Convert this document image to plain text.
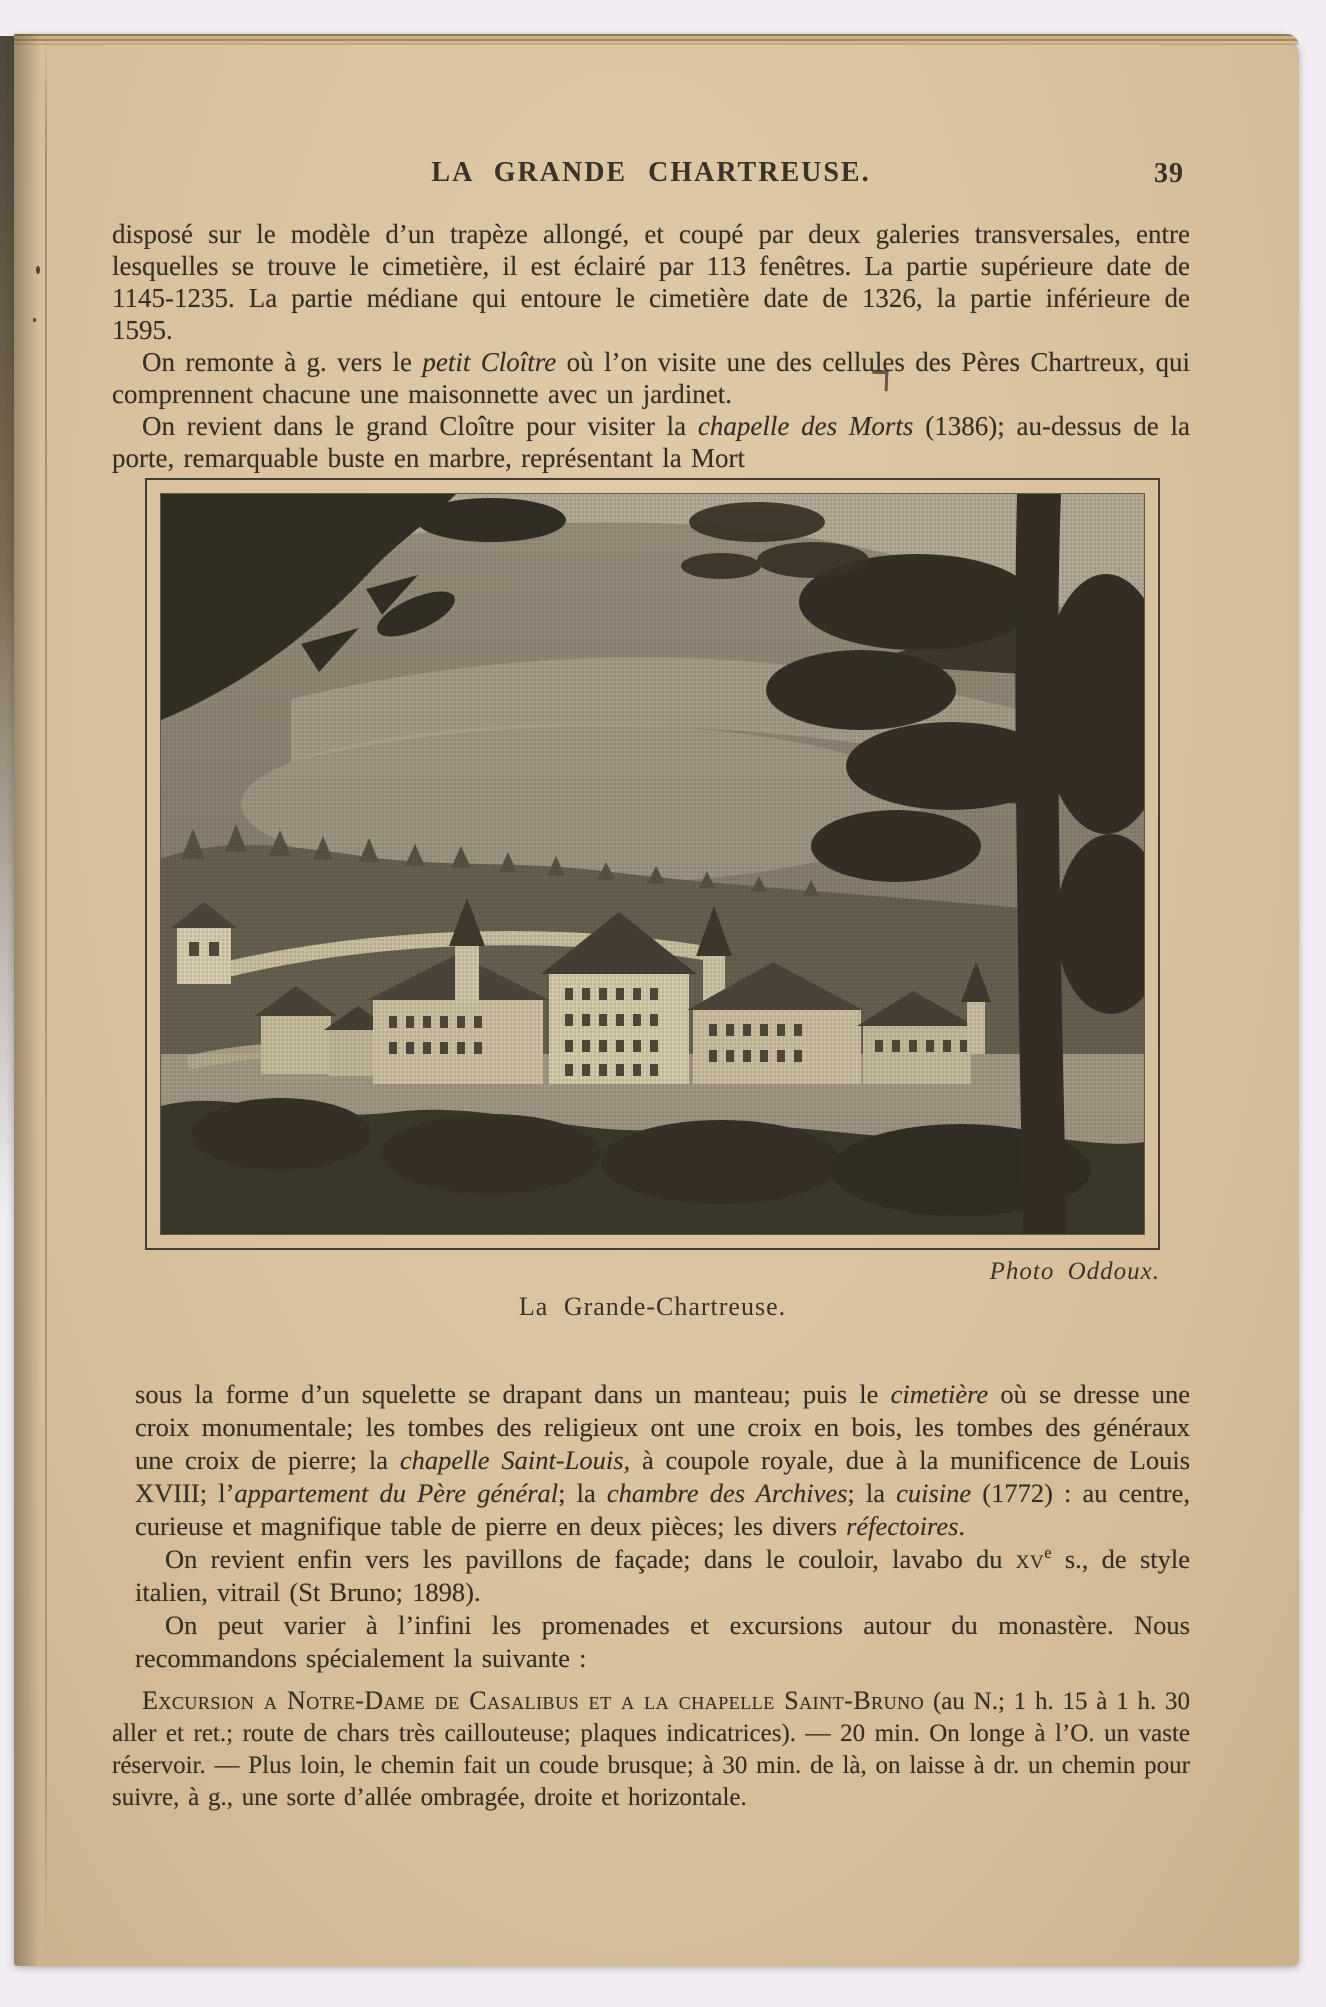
LA GRANDE CHARTREUSE.	39

disposé sur le modèle d’un trapèze allongé, et coupé par deux galeries transversales, entre lesquelles se trouve le cimetière, il est éclairé par 113 fenêtres. La partie supérieure date de 1145-1235. La partie médiane qui entoure le cimetière date de 1326, la partie inférieure de 1595.

On remonte à g. vers le petit Cloître où l’on visite une des cellules des Pères Chartreux, qui comprennent chacune une maisonnette avec un jardinet.

On revient dans le grand Cloître pour visiter la chapelle des Morts (1386); au-dessus de la porte, remarquable buste en marbre, représentant la Mort

Photo Oddoux.
La Grande-Chartreuse.

sous la forme d’un squelette se drapant dans un manteau; puis le cimetière où se dresse une croix monumentale; les tombes des religieux ont une croix en bois, les tombes des généraux une croix de pierre; la chapelle Saint-Louis, à coupole royale, due à la munificence de Louis XVIII; l’appartement du Père général; la chambre des Archives; la cuisine (1772) : au centre, curieuse et magnifique table de pierre en deux pièces; les divers réfectoires.

On revient enfin vers les pavillons de façade; dans le couloir, lavabo du $xv^e$ s., de style italien, vitrail (St Bruno; 1898).

On peut varier à l’infini les promenades et excursions autour du monastère. Nous recommandons spécialement la suivante :

Excursion a Notre-Dame de Casalibus et a la chapelle Saint-Bruno (au N.; 1 h. 15 à 1 h. 30 aller et ret.; route de chars très caillouteuse; plaques indicatrices). — 20 min. On longe à l’O. un vaste réservoir. — Plus loin, le chemin fait un coude brusque; à 30 min. de là, on laisse à dr. un chemin pour suivre, à g., une sorte d’allée ombragée, droite et horizontale.
